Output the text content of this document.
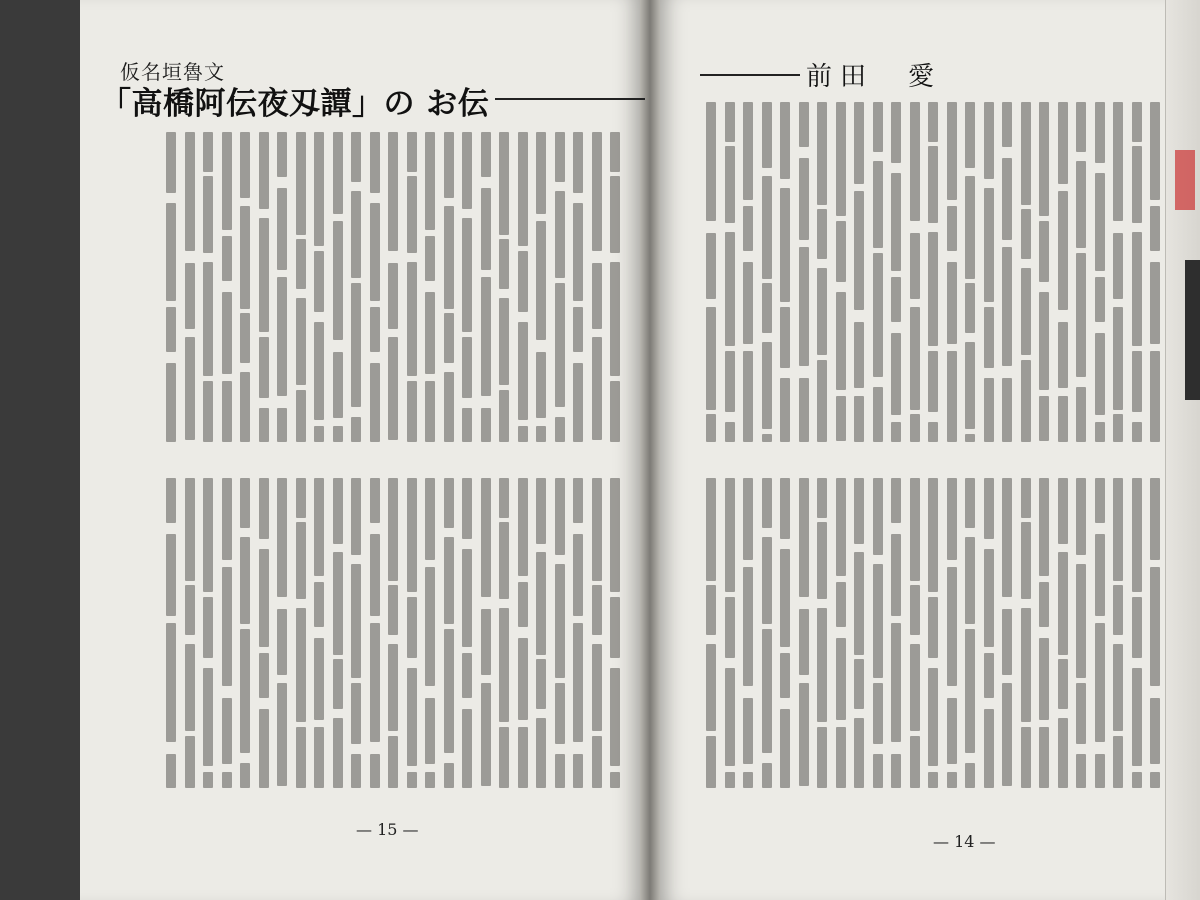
仮名垣魯文
「高橋阿伝夜刄譚」の お伝
前田　愛
— 15 —
— 14 —
